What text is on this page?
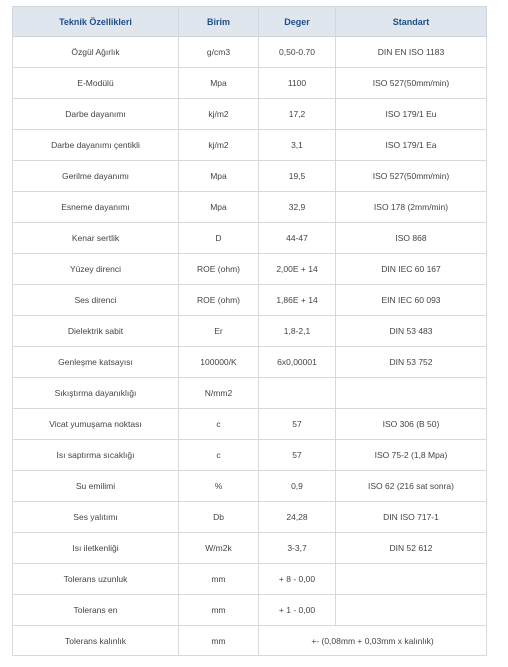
Teknik Özellikleri	Birim	Deger	Standart
Özgül Ağırlık	g/cm3	0,50-0.70	DIN EN ISO 1183
E-Modülü	Mpa	1100	ISO 527(50mm/min)
Darbe dayanımı	kj/m2	17,2	ISO 179/1 Eu
Darbe dayanımı çentikli	kj/m2	3,1	ISO 179/1 Ea
Gerilme dayanımı	Mpa	19,5	ISO 527(50mm/min)
Esneme dayanımı	Mpa	32,9	ISO 178 (2mm/min)
Kenar sertlik	D	44-47	ISO 868
Yüzey direnci	ROE (ohm)	2,00E + 14	DIN IEC 60 167
Ses direnci	ROE (ohm)	1,86E + 14	EIN IEC 60 093
Dielektrik sabit	Er	1,8-2,1	DIN 53 483
Genleşme katsayısı	100000/K	6x0,00001	DIN 53 752
Sıkıştırma dayanıklığı	N/mm2		
Vicat yumuşama noktası	c	57	ISO 306 (B 50)
Isı saptırma sıcaklığı	c	57	ISO 75-2 (1,8 Mpa)
Su emilimi	%	0,9	ISO 62 (216 sat sonra)
Ses yalıtımı	Db	24,28	DIN ISO 717-1
Isı iletkenliği	W/m2k	3-3,7	DIN 52 612
Tolerans uzunluk	mm	+ 8 - 0,00	
Tolerans en	mm	+ 1 - 0,00	
Tolerans kalınlık	mm	+- (0,08mm + 0,03mm x kalınlık)	
